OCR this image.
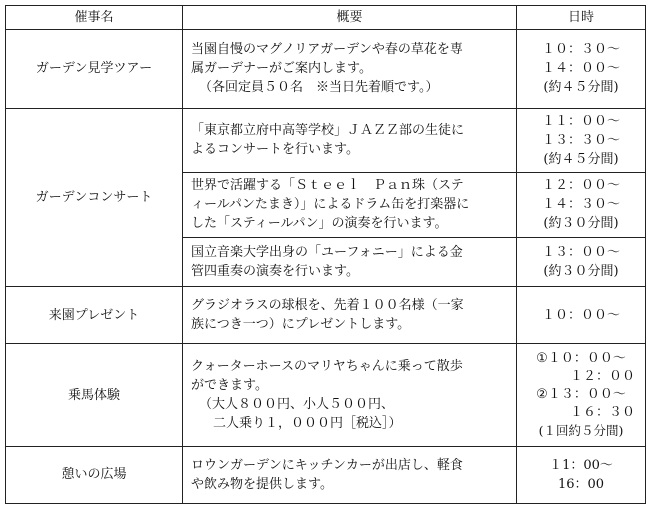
催事名	概要	日時
ガーデン見学ツアー	当園自慢のマグノリアガーデンや春の草花を専
属ガーデナーがご案内します。
（各回定員５０名　※当日先着順です。）	１０：３０〜
１４：００〜
(約４５分間)

ガーデンコンサート	「東京都立府中高等学校」ＪＡＺＺ部の生徒に
よるコンサートを行います。	１１：００〜
１３：３０〜
(約４５分間)

	世界で活躍する「Ｓｔｅｅｌ　Ｐａｎ珠（ステ
ィールパンたまき）」によるドラム缶を打楽器に
した「スティールパン」の演奏を行います。	１２：００〜
１４：３０〜
(約３０分間)

	国立音楽大学出身の「ユーフォニー」による金
管四重奏の演奏を行います。	１３：００〜
(約３０分間)

来園プレゼント	グラジオラスの球根を、先着１００名様（一家
族につき一つ）にプレゼントします。	１０：００〜

乗馬体験	クォーターホースのマリヤちゃんに乗って散歩
ができます。
（大人８００円、小人５００円、
二人乗り１，０００円［税込］）	①１０：００〜
１２：００
②１３：００〜
１６：３０
(１回約５分間)

憩いの広場	ロウンガーデンにキッチンカーが出店し、軽食
や飲み物を提供します。	１1：00〜
16：00
